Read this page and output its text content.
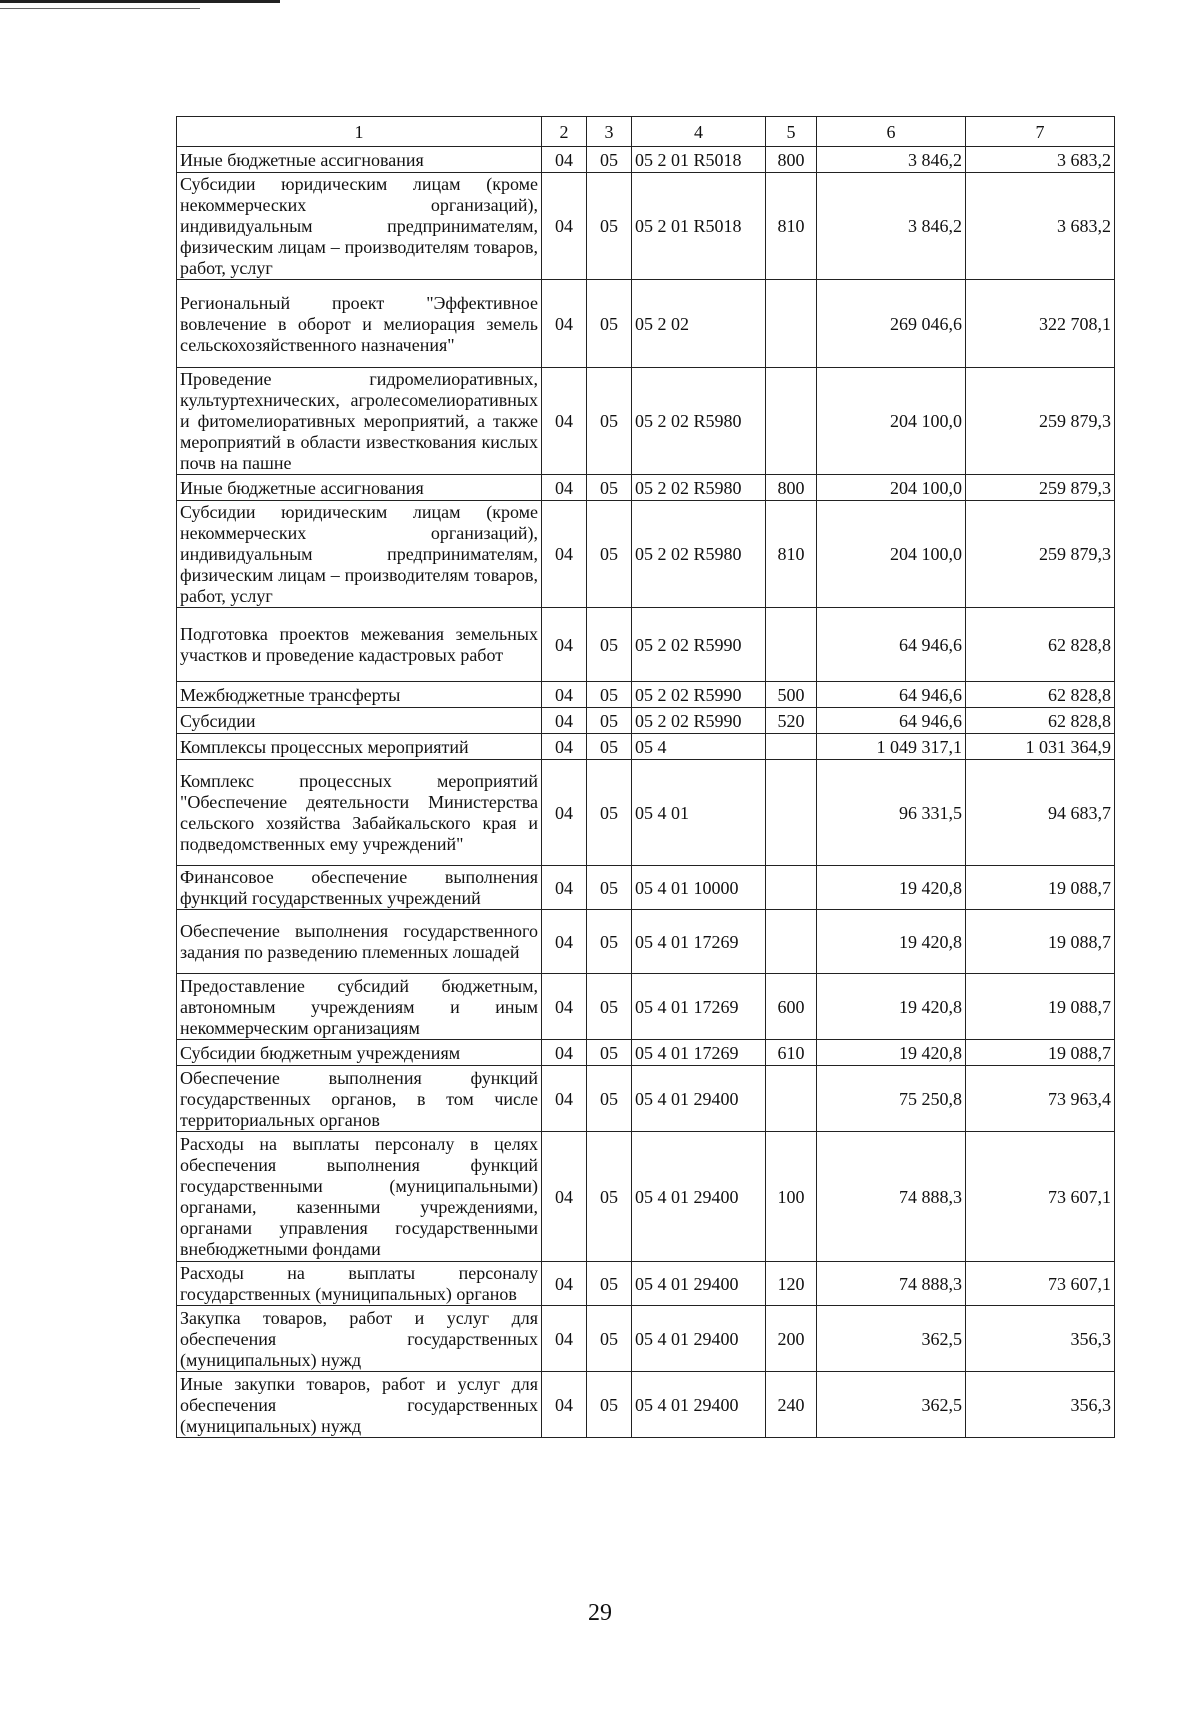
1	2	3	4	5	6	7
Иные бюджетные ассигнования	04	05	05 2 01 R5018	800	3 846,2	3 683,2
Субсидии юридическим лицам (кроме некоммерческих организаций), индивидуальным предпринимателям, физическим лицам – производителям товаров, работ, услуг	04	05	05 2 01 R5018	810	3 846,2	3 683,2
Региональный проект "Эффективное вовлечение в оборот и мелиорация земель сельскохозяйственного назначения"	04	05	05 2 02		269 046,6	322 708,1
Проведение гидромелиоративных, культуртехнических, агролесомелиоративных и фитомелиоративных мероприятий, а также мероприятий в области известкования кислых почв на пашне	04	05	05 2 02 R5980		204 100,0	259 879,3
Иные бюджетные ассигнования	04	05	05 2 02 R5980	800	204 100,0	259 879,3
Субсидии юридическим лицам (кроме некоммерческих организаций), индивидуальным предпринимателям, физическим лицам – производителям товаров, работ, услуг	04	05	05 2 02 R5980	810	204 100,0	259 879,3
Подготовка проектов межевания земельных участков и проведение кадастровых работ	04	05	05 2 02 R5990		64 946,6	62 828,8
Межбюджетные трансферты	04	05	05 2 02 R5990	500	64 946,6	62 828,8
Субсидии	04	05	05 2 02 R5990	520	64 946,6	62 828,8
Комплексы процессных мероприятий	04	05	05 4		1 049 317,1	1 031 364,9
Комплекс процессных мероприятий "Обеспечение деятельности Министерства сельского хозяйства Забайкальского края и подведомственных ему учреждений"	04	05	05 4 01		96 331,5	94 683,7
Финансовое обеспечение выполнения функций государственных учреждений	04	05	05 4 01 10000		19 420,8	19 088,7
Обеспечение выполнения государственного задания по разведению племенных лошадей	04	05	05 4 01 17269		19 420,8	19 088,7
Предоставление субсидий бюджетным, автономным учреждениям и иным некоммерческим организациям	04	05	05 4 01 17269	600	19 420,8	19 088,7
Субсидии бюджетным учреждениям	04	05	05 4 01 17269	610	19 420,8	19 088,7
Обеспечение выполнения функций государственных органов, в том числе территориальных органов	04	05	05 4 01 29400		75 250,8	73 963,4
Расходы на выплаты персоналу в целях обеспечения выполнения функций государственными (муниципальными) органами, казенными учреждениями, органами управления государственными внебюджетными фондами	04	05	05 4 01 29400	100	74 888,3	73 607,1
Расходы на выплаты персоналу государственных (муниципальных) органов	04	05	05 4 01 29400	120	74 888,3	73 607,1
Закупка товаров, работ и услуг для обеспечения государственных (муниципальных) нужд	04	05	05 4 01 29400	200	362,5	356,3
Иные закупки товаров, работ и услуг для обеспечения государственных (муниципальных) нужд	04	05	05 4 01 29400	240	362,5	356,3
29
